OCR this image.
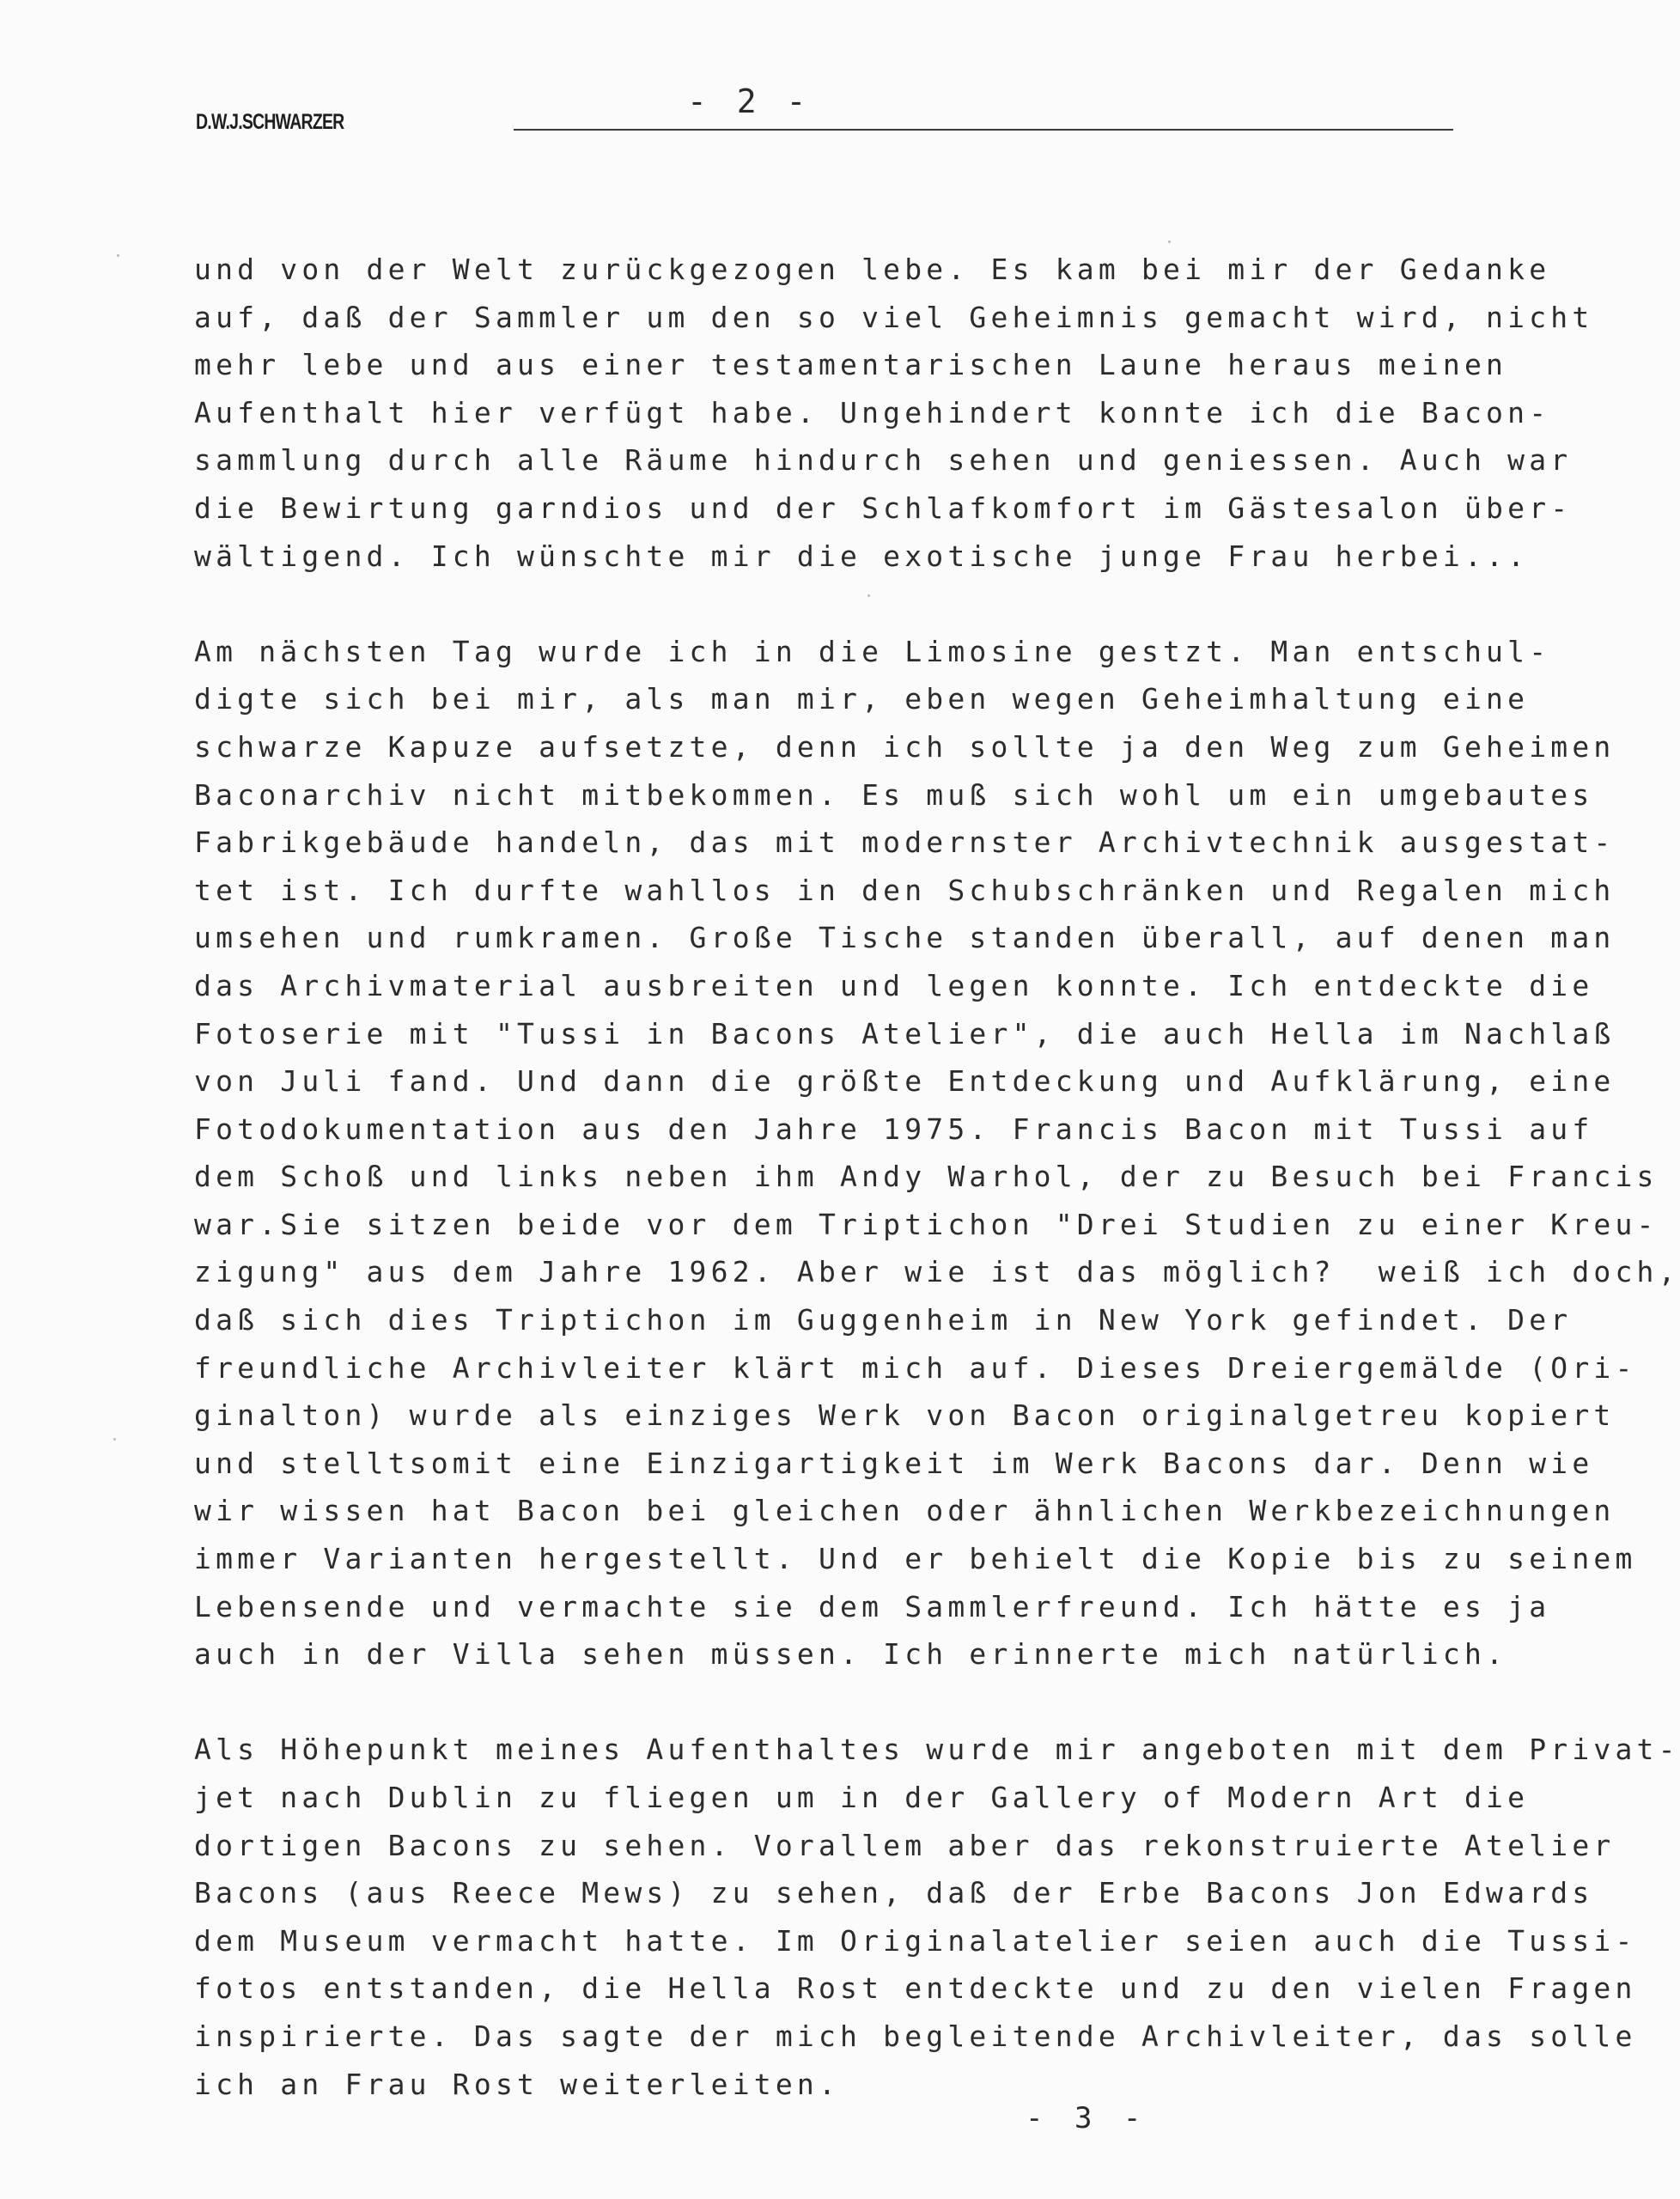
D.W.J.SCHWARZER
- 2 -
und von der Welt zurückgezogen lebe. Es kam bei mir der Gedanke
auf, daß der Sammler um den so viel Geheimnis gemacht wird, nicht
mehr lebe und aus einer testamentarischen Laune heraus meinen
Aufenthalt hier verfügt habe. Ungehindert konnte ich die Bacon-
sammlung durch alle Räume hindurch sehen und geniessen. Auch war
die Bewirtung garndios und der Schlafkomfort im Gästesalon über-
wältigend. Ich wünschte mir die exotische junge Frau herbei...
Am nächsten Tag wurde ich in die Limosine gestzt. Man entschul-
digte sich bei mir, als man mir, eben wegen Geheimhaltung eine
schwarze Kapuze aufsetzte, denn ich sollte ja den Weg zum Geheimen
Baconarchiv nicht mitbekommen. Es muß sich wohl um ein umgebautes
Fabrikgebäude handeln, das mit modernster Archivtechnik ausgestat-
tet ist. Ich durfte wahllos in den Schubschränken und Regalen mich
umsehen und rumkramen. Große Tische standen überall, auf denen man
das Archivmaterial ausbreiten und legen konnte. Ich entdeckte die
Fotoserie mit "Tussi in Bacons Atelier", die auch Hella im Nachlaß
von Juli fand. Und dann die größte Entdeckung und Aufklärung, eine
Fotodokumentation aus den Jahre 1975. Francis Bacon mit Tussi auf
dem Schoß und links neben ihm Andy Warhol, der zu Besuch bei Francis
war.Sie sitzen beide vor dem Triptichon "Drei Studien zu einer Kreu-
zigung" aus dem Jahre 1962. Aber wie ist das möglich?  weiß ich doch,
daß sich dies Triptichon im Guggenheim in New York gefindet. Der
freundliche Archivleiter klärt mich auf. Dieses Dreiergemälde (Ori-
ginalton) wurde als einziges Werk von Bacon originalgetreu kopiert
und stelltsomit eine Einzigartigkeit im Werk Bacons dar. Denn wie
wir wissen hat Bacon bei gleichen oder ähnlichen Werkbezeichnungen
immer Varianten hergestellt. Und er behielt die Kopie bis zu seinem
Lebensende und vermachte sie dem Sammlerfreund. Ich hätte es ja
auch in der Villa sehen müssen. Ich erinnerte mich natürlich.
Als Höhepunkt meines Aufenthaltes wurde mir angeboten mit dem Privat-
jet nach Dublin zu fliegen um in der Gallery of Modern Art die
dortigen Bacons zu sehen. Vorallem aber das rekonstruierte Atelier
Bacons (aus Reece Mews) zu sehen, daß der Erbe Bacons Jon Edwards
dem Museum vermacht hatte. Im Originalatelier seien auch die Tussi-
fotos entstanden, die Hella Rost entdeckte und zu den vielen Fragen
inspirierte. Das sagte der mich begleitende Archivleiter, das solle
ich an Frau Rost weiterleiten.
- 3 -
